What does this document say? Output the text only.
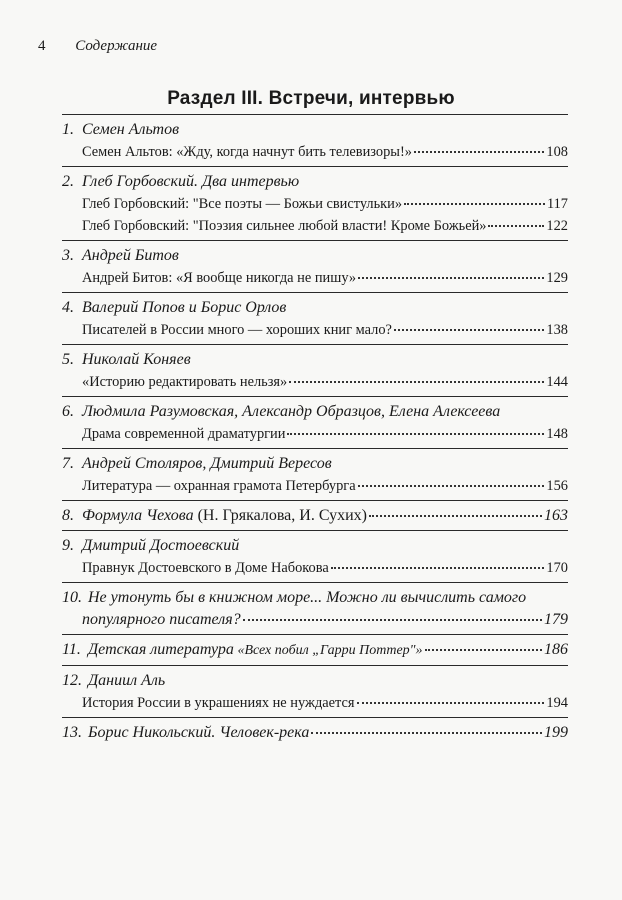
4 Содержание
Раздел III. Встречи, интервью
1. Семен Альтов
Семен Альтов: «Жду, когда начнут бить телевизоры!»	108
2. Глеб Горбовский. Два интервью
Глеб Горбовский: "Все поэты — Божьи свистульки»	117
Глеб Горбовский: "Поэзия сильнее любой власти! Кроме Божьей»	122
3. Андрей Битов
Андрей Битов: «Я вообще никогда не пишу»	129
4. Валерий Попов и Борис Орлов
Писателей в России много — хороших книг мало?	138
5. Николай Коняев
«Историю редактировать нельзя»	144
6. Людмила Разумовская, Александр Образцов, Елена Алексеева
Драма современной драматургии	148
7. Андрей Столяров, Дмитрий Вересов
Литература — охранная грамота Петербурга	156
8. Формула Чехова (Н. Грякалова, И. Сухих)	163
9. Дмитрий Достоевский
Правнук Достоевского в Доме Набокова	170
10. Не утонуть бы в книжном море... Можно ли вычислить самого
популярного писателя?	179
11. Детская литература «Всех побил „Гарри Поттер"»	186
12. Даниил Аль
История России в украшениях не нуждается	194
13. Борис Никольский. Человек-река	199
